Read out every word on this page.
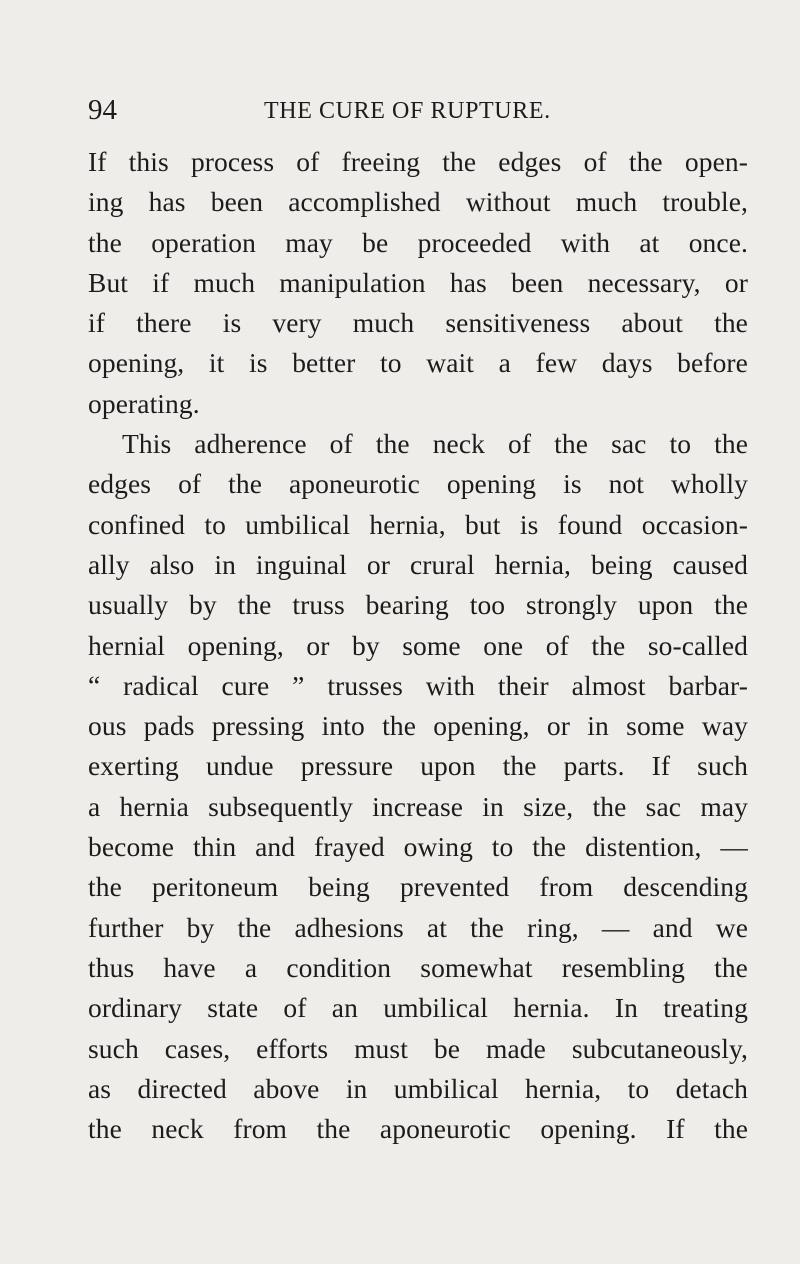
94	THE CURE OF RUPTURE.
If this process of freeing the edges of the open-
ing has been accomplished without much trouble,
the operation may be proceeded with at once.
But if much manipulation has been necessary, or
if there is very much sensitiveness about the
opening, it is better to wait a few days before
operating.
This adherence of the neck of the sac to the
edges of the aponeurotic opening is not wholly
confined to umbilical hernia, but is found occasion-
ally also in inguinal or crural hernia, being caused
usually by the truss bearing too strongly upon the
hernial opening, or by some one of the so-called
“ radical cure ” trusses with their almost barbar-
ous pads pressing into the opening, or in some way
exerting undue pressure upon the parts. If such
a hernia subsequently increase in size, the sac may
become thin and frayed owing to the distention, —
the peritoneum being prevented from descending
further by the adhesions at the ring, — and we
thus have a condition somewhat resembling the
ordinary state of an umbilical hernia. In treating
such cases, efforts must be made subcutaneously,
as directed above in umbilical hernia, to detach
the neck from the aponeurotic opening. If the
